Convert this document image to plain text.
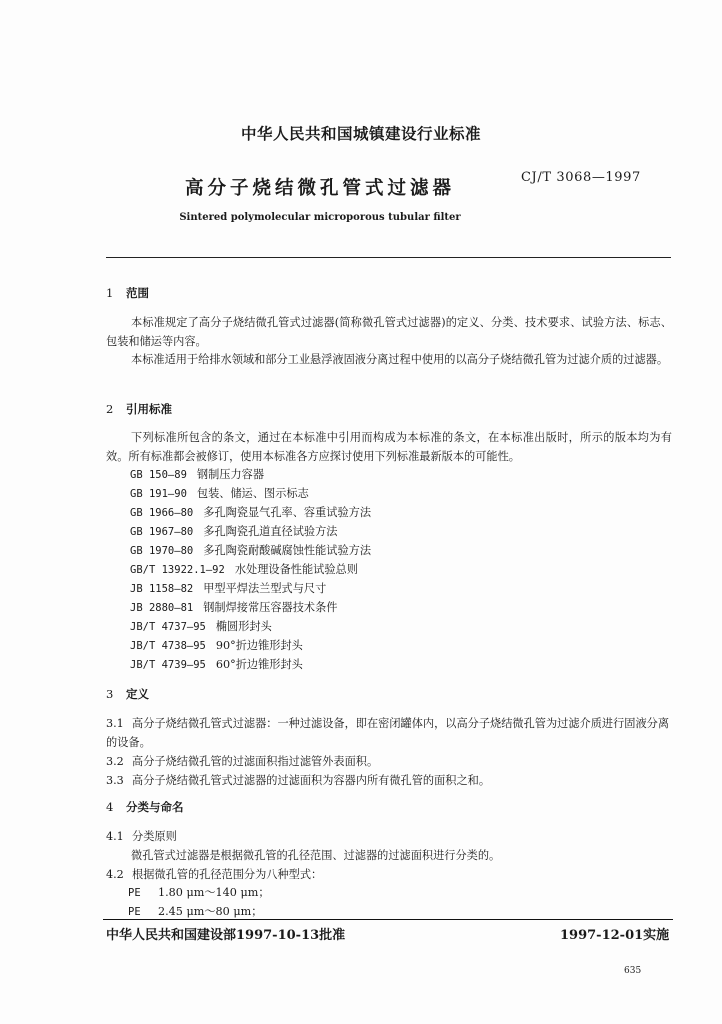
中华人民共和国城镇建设行业标准
高分子烧结微孔管式过滤器
CJ/T 3068—1997
Sintered polymolecular microporous tubular filter
1 范围
本标准规定了高分子烧结微孔管式过滤器(简称微孔管式过滤器)的定义、分类、技术要求、试验方法、标志、包装和储运等内容。
本标准适用于给排水领域和部分工业悬浮液固液分离过程中使用的以高分子烧结微孔管为过滤介质的过滤器。
2 引用标准
下列标准所包含的条文，通过在本标准中引用而构成为本标准的条文，在本标准出版时，所示的版本均为有效。所有标准都会被修订，使用本标准各方应探讨使用下列标准最新版本的可能性。
GB 150—89 钢制压力容器
GB 191—90 包装、储运、图示标志
GB 1966—80 多孔陶瓷显气孔率、容重试验方法
GB 1967—80 多孔陶瓷孔道直径试验方法
GB 1970—80 多孔陶瓷耐酸碱腐蚀性能试验方法
GB/T 13922.1—92 水处理设备性能试验总则
JB 1158—82 甲型平焊法兰型式与尺寸
JB 2880—81 钢制焊接常压容器技术条件
JB/T 4737—95 椭圆形封头
JB/T 4738—95 90°折边锥形封头
JB/T 4739—95 60°折边锥形封头
3 定义
3.1 高分子烧结微孔管式过滤器：一种过滤设备，即在密闭罐体内，以高分子烧结微孔管为过滤介质进行固液分离的设备。
3.2 高分子烧结微孔管的过滤面积指过滤管外表面积。
3.3 高分子烧结微孔管式过滤器的过滤面积为容器内所有微孔管的面积之和。
4 分类与命名
4.1 分类原则
微孔管式过滤器是根据微孔管的孔径范围、过滤器的过滤面积进行分类的。
4.2 根据微孔管的孔径范围分为八种型式：
PE 1.80 μm～140 μm；
PE 2.45 μm～80 μm；
中华人民共和国建设部1997-10-13批准	1997-12-01实施
635
